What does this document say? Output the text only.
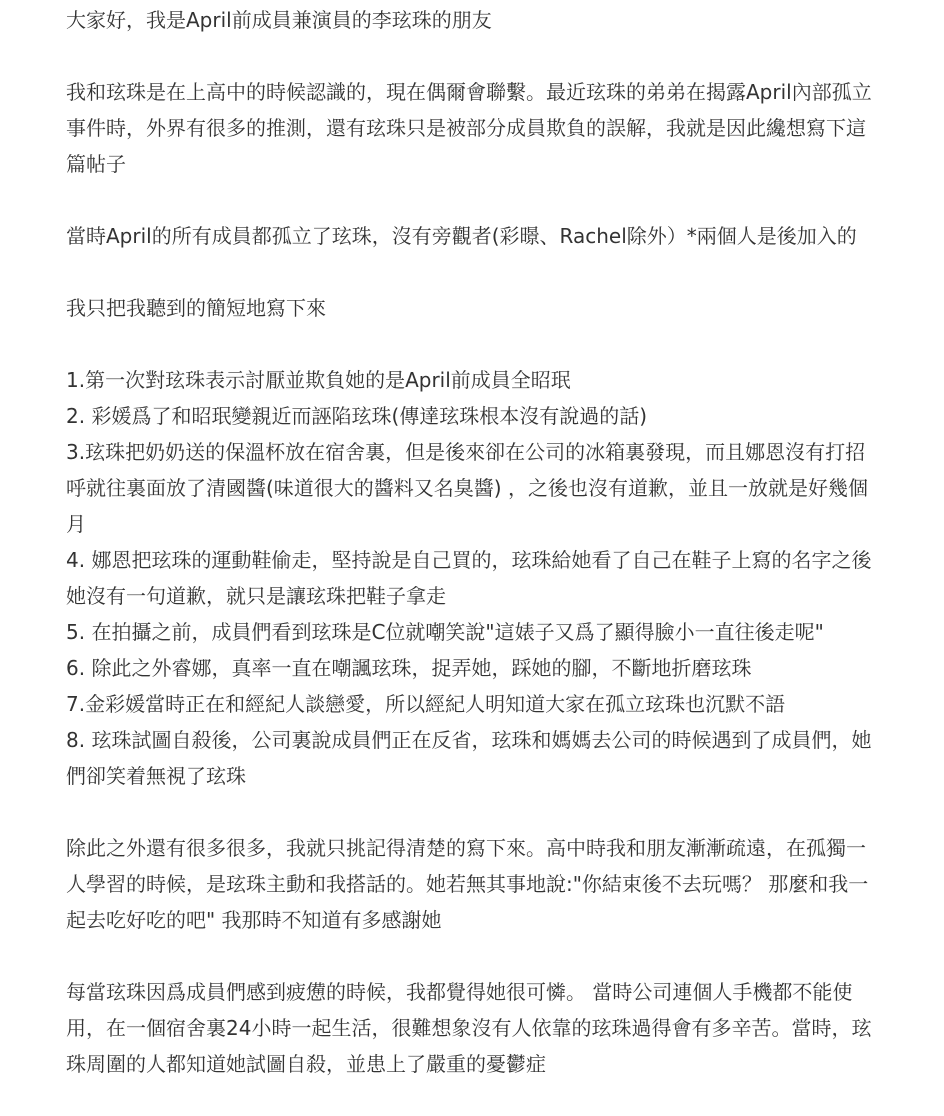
大家好，我是April前成員兼演員的李玹珠的朋友

我和玹珠是在上高中的時候認識的，現在偶爾會聯繫。最近玹珠的弟弟在揭露April內部孤立事件時，外界有很多的推測，還有玹珠只是被部分成員欺負的誤解，我就是因此纔想寫下這篇帖子

當時April的所有成員都孤立了玹珠，沒有旁觀者(彩暻、Rachel除外）*兩個人是後加入的

我只把我聽到的簡短地寫下來

1.第一次對玹珠表示討厭並欺負她的是April前成員全昭珉

2. 彩媛爲了和昭珉變親近而誣陷玹珠(傳達玹珠根本沒有說過的話)

3.玹珠把奶奶送的保溫杯放在宿舍裏，但是後來卻在公司的冰箱裏發現，而且娜恩沒有打招呼就往裏面放了清國醬(味道很大的醬料又名臭醬) ，之後也沒有道歉，並且一放就是好幾個月

4. 娜恩把玹珠的運動鞋偷走，堅持說是自己買的，玹珠給她看了自己在鞋子上寫的名字之後她沒有一句道歉，就只是讓玹珠把鞋子拿走

5. 在拍攝之前，成員們看到玹珠是C位就嘲笑說"這婊子又爲了顯得臉小一直往後走呢"

6. 除此之外睿娜，真率一直在嘲諷玹珠，捉弄她，踩她的腳，不斷地折磨玹珠

7.金彩媛當時正在和經紀人談戀愛，所以經紀人明知道大家在孤立玹珠也沉默不語

8. 玹珠試圖自殺後，公司裏說成員們正在反省，玹珠和媽媽去公司的時候遇到了成員們，她們卻笑着無視了玹珠

除此之外還有很多很多，我就只挑記得清楚的寫下來。高中時我和朋友漸漸疏遠，在孤獨一人學習的時候，是玹珠主動和我搭話的。她若無其事地說:"你結束後不去玩嗎？ 那麼和我一起去吃好吃的吧" 我那時不知道有多感謝她

每當玹珠因爲成員們感到疲憊的時候，我都覺得她很可憐。 當時公司連個人手機都不能使用，在一個宿舍裏24小時一起生活，很難想象沒有人依靠的玹珠過得會有多辛苦。當時，玹珠周圍的人都知道她試圖自殺，並患上了嚴重的憂鬱症
